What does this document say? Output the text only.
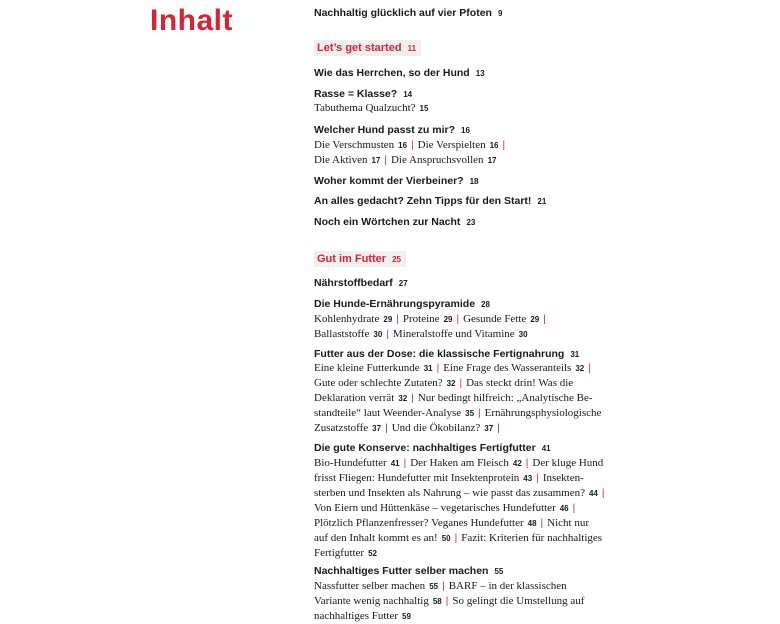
Inhalt	Nachhaltig glücklich auf vier Pfoten 9
Let’s get started 11
Wie das Herrchen, so der Hund 13
Rasse = Klasse? 14
Tabuthema Qualzucht? 15
Welcher Hund passt zu mir? 16
Die Verschmusten 16 | Die Verspielten 16 |
Die Aktiven 17 | Die Anspruchsvollen 17
Woher kommt der Vierbeiner? 18
An alles gedacht? Zehn Tipps für den Start! 21
Noch ein Wörtchen zur Nacht 23
Gut im Futter 25
Nährstoffbedarf 27
Die Hunde-Ernährungspyramide 28
Kohlenhydrate 29 | Proteine 29 | Gesunde Fette 29 |
Ballaststoffe 30 | Mineralstoffe und Vitamine 30
Futter aus der Dose: die klassische Fertignahrung 31
Eine kleine Futterkunde 31 | Eine Frage des Wasseranteils 32 |
Gute oder schlechte Zutaten? 32 | Das steckt drin! Was die
Deklaration verrät 32 | Nur bedingt hilfreich: „Analytische Be-
standteile“ laut Weender-Analyse 35 | Ernährungsphysiologische
Zusatzstoffe 37 | Und die Ökobilanz? 37 |
Die gute Konserve: nachhaltiges Fertigfutter 41
Bio-Hundefutter 41 | Der Haken am Fleisch 42 | Der kluge Hund
frisst Fliegen: Hundefutter mit Insektenprotein 43 | Insekten-
sterben und Insekten als Nahrung – wie passt das zusammen? 44 |
Von Eiern und Hüttenkäse – vegetarisches Hundefutter 46 |
Plötzlich Pflanzenfresser? Veganes Hundefutter 48 | Nicht nur
auf den Inhalt kommt es an! 50 | Fazit: Kriterien für nachhaltiges
Fertigfutter 52
Nachhaltiges Futter selber machen 55
Nassfutter selber machen 55 | BARF – in der klassischen
Variante wenig nachhaltig 58 | So gelingt die Umstellung auf
nachhaltiges Futter 59
